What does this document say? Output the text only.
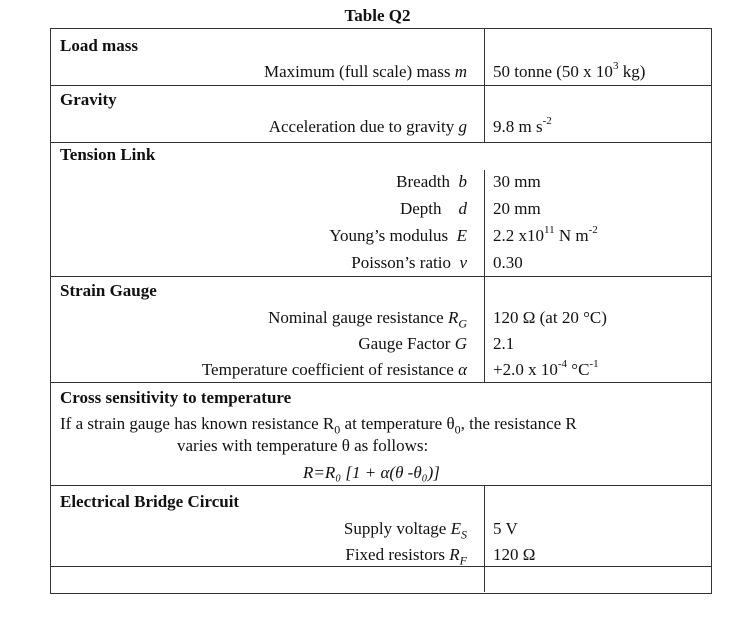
Table Q2
Load mass
Maximum (full scale) mass m 50 tonne (50 x $10^3$ kg)
Gravity
Acceleration due to gravity g 9.8 m $s^{-2}$
Tension Link
Breadth b 30 mm
Depth d 20 mm
Young’s modulus E 2.2 $x10^{11}$ N $m^{-2}$
Poisson’s ratio v 0.30
Strain Gauge
Nominal gauge resistance $R_G$ 120 Ω (at 20 °C)
Gauge Factor G 2.1
Temperature coefficient of resistance α +2.0 x $10^{-4}$ $^\circ C^{-1}$
Cross sensitivity to temperature
If a strain gauge has known resistance $R_0$ at temperature $\theta_0$, the resistance R
varies with temperature θ as follows:
R=R₀ [1 + α(θ -θ₀)]
Electrical Bridge Circuit
Supply voltage $E_S$ 5 V
Fixed resistors $R_F$ 120 Ω
